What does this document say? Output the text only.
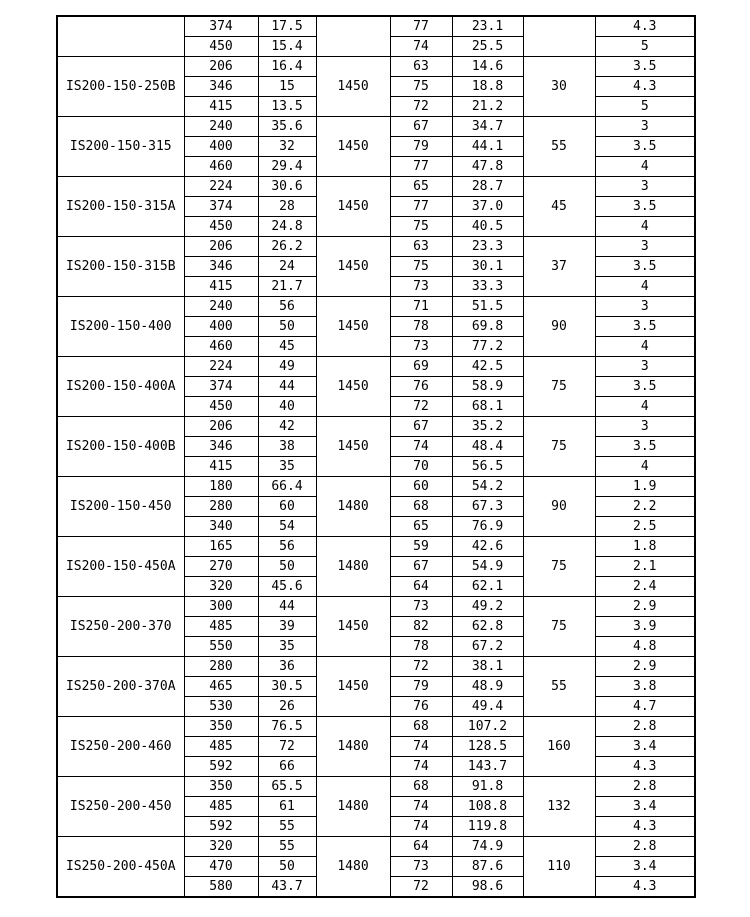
	374	17.5		77	23.1		4.3
	450	15.4		74	25.5		5
IS200-150-250B	206	16.4	1450	63	14.6	30	3.5
	346	15		75	18.8		4.3
	415	13.5		72	21.2		5
IS200-150-315	240	35.6	1450	67	34.7	55	3
	400	32		79	44.1		3.5
	460	29.4		77	47.8		4
IS200-150-315A	224	30.6	1450	65	28.7	45	3
	374	28		77	37.0		3.5
	450	24.8		75	40.5		4
IS200-150-315B	206	26.2	1450	63	23.3	37	3
	346	24		75	30.1		3.5
	415	21.7		73	33.3		4
IS200-150-400	240	56	1450	71	51.5	90	3
	400	50		78	69.8		3.5
	460	45		73	77.2		4
IS200-150-400A	224	49	1450	69	42.5	75	3
	374	44		76	58.9		3.5
	450	40		72	68.1		4
IS200-150-400B	206	42	1450	67	35.2	75	3
	346	38		74	48.4		3.5
	415	35		70	56.5		4
IS200-150-450	180	66.4	1480	60	54.2	90	1.9
	280	60		68	67.3		2.2
	340	54		65	76.9		2.5
IS200-150-450A	165	56	1480	59	42.6	75	1.8
	270	50		67	54.9		2.1
	320	45.6		64	62.1		2.4
IS250-200-370	300	44	1450	73	49.2	75	2.9
	485	39		82	62.8		3.9
	550	35		78	67.2		4.8
IS250-200-370A	280	36	1450	72	38.1	55	2.9
	465	30.5		79	48.9		3.8
	530	26		76	49.4		4.7
IS250-200-460	350	76.5	1480	68	107.2	160	2.8
	485	72		74	128.5		3.4
	592	66		74	143.7		4.3
IS250-200-450	350	65.5	1480	68	91.8	132	2.8
	485	61		74	108.8		3.4
	592	55		74	119.8		4.3
IS250-200-450A	320	55	1480	64	74.9	110	2.8
	470	50		73	87.6		3.4
	580	43.7		72	98.6		4.3
